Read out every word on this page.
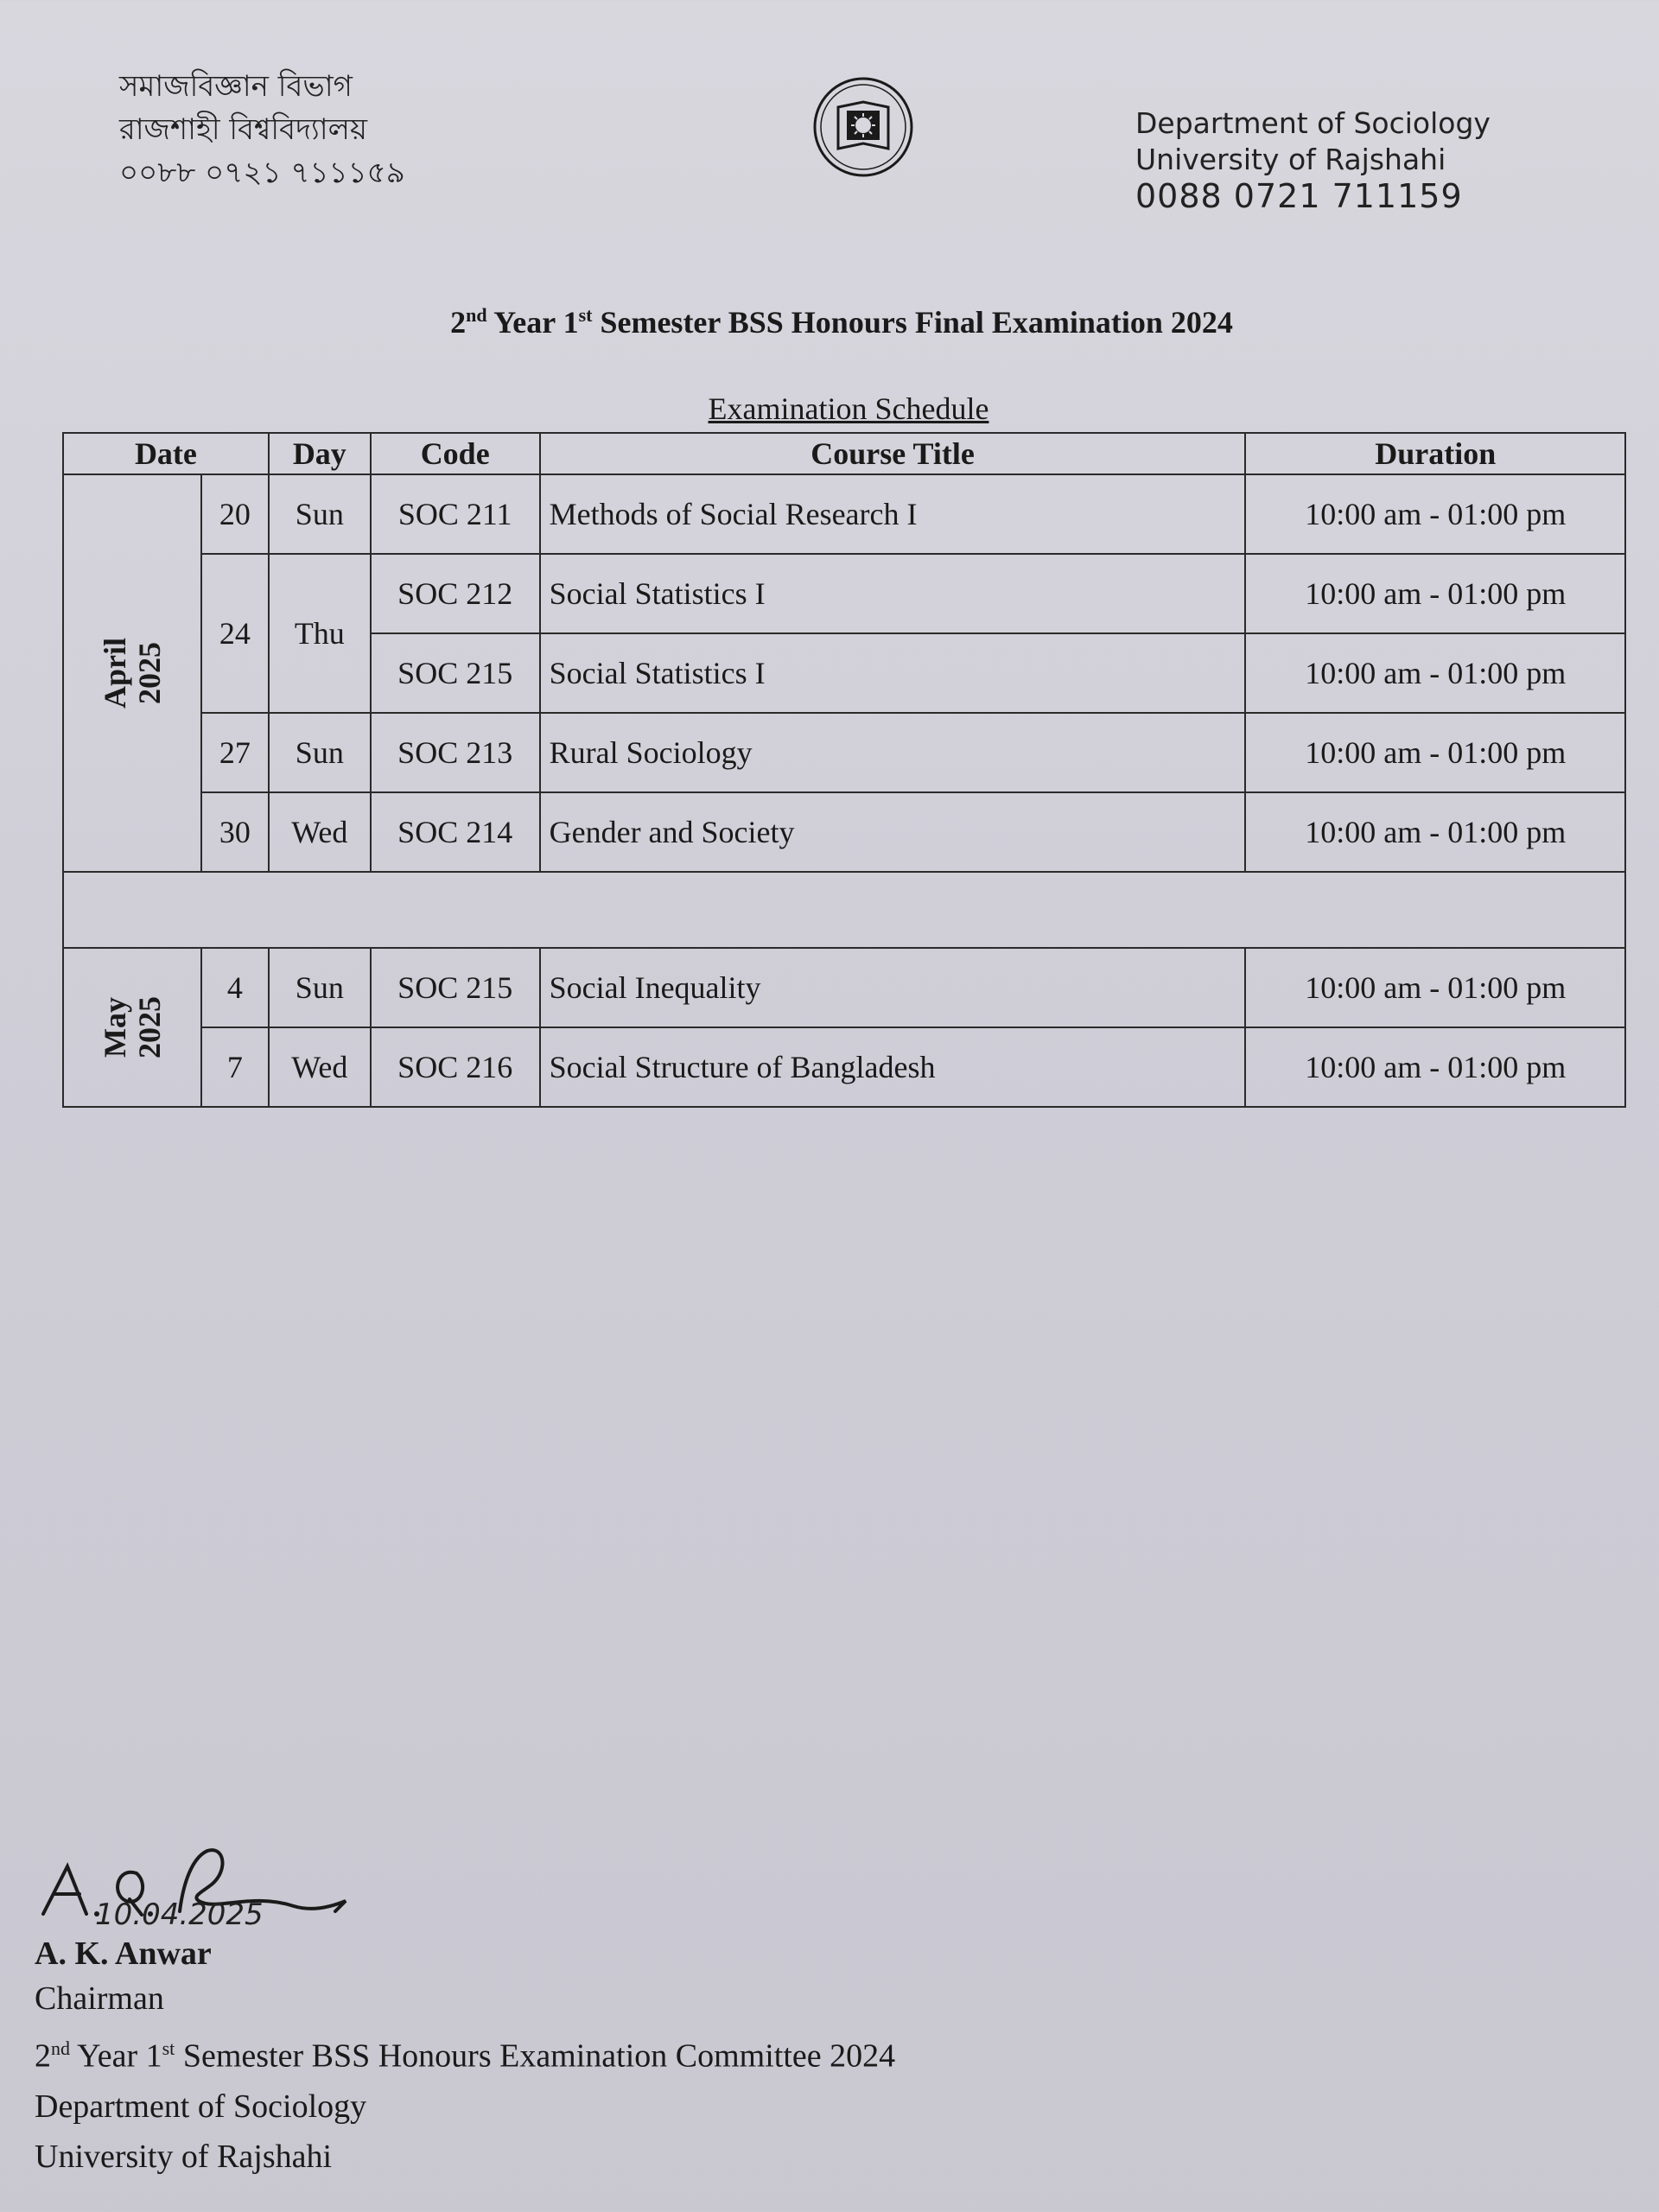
সমাজবিজ্ঞান বিভাগ
রাজশাহী বিশ্ববিদ্যালয়
০০৮৮ ০৭২১ ৭১১১৫৯
Department of Sociology
University of Rajshahi
0088 0721 711159
2nd Year 1st Semester BSS Honours Final Examination 2024
Examination Schedule
Date		Day	Code	Course Title	Duration
April
2025	20	Sun	SOC 211	Methods of Social Research I	10:00 am - 01:00 pm
	24	Thu	SOC 212	Social Statistics I	10:00 am - 01:00 pm
			SOC 215	Social Statistics I	10:00 am - 01:00 pm
	27	Sun	SOC 213	Rural Sociology	10:00 am - 01:00 pm
	30	Wed	SOC 214	Gender and Society	10:00 am - 01:00 pm

May
2025	4	Sun	SOC 215	Social Inequality	10:00 am - 01:00 pm
	7	Wed	SOC 216	Social Structure of Bangladesh	10:00 am - 01:00 pm
10.04.2025
A. K. Anwar
Chairman
2nd Year 1st Semester BSS Honours Examination Committee 2024
Department of Sociology
University of Rajshahi
